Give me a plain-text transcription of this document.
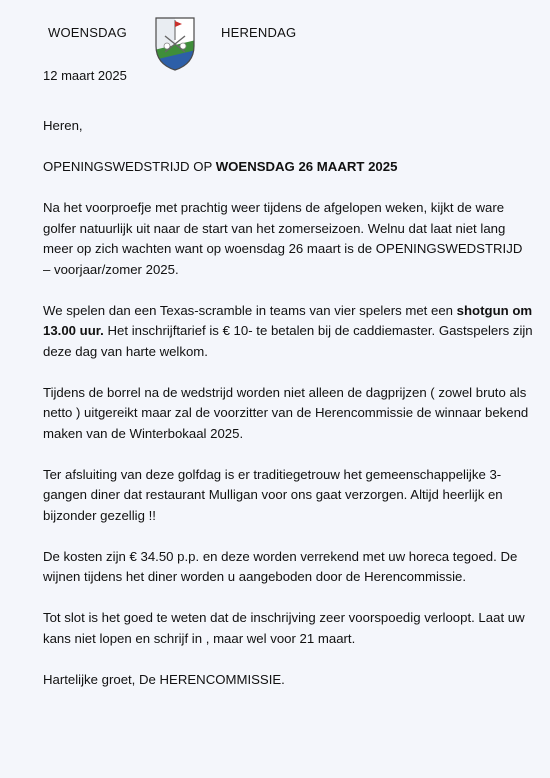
WOENSDAG	HERENDAG
12 maart 2025

Heren,

OPENINGSWEDSTRIJD OP WOENSDAG 26 MAART 2025

Na het voorproefje met prachtig weer tijdens de afgelopen weken, kijkt de ware golfer natuurlijk uit naar de start van het zomerseizoen. Welnu dat laat niet lang meer op zich wachten want op woensdag 26 maart is de OPENINGSWEDSTRIJD – voorjaar/zomer 2025.

We spelen dan een Texas-scramble in teams van vier spelers met een shotgun om 13.00 uur. Het inschrijftarief is € 10- te betalen bij de caddiemaster. Gastspelers zijn deze dag van harte welkom.

Tijdens de borrel na de wedstrijd worden niet alleen de dagprijzen ( zowel bruto als netto ) uitgereikt maar zal de voorzitter van de Herencommissie de winnaar bekend maken van de Winterbokaal 2025.

Ter afsluiting van deze golfdag is er traditiegetrouw het gemeenschappelijke 3-gangen diner dat restaurant Mulligan voor ons gaat verzorgen. Altijd heerlijk en bijzonder gezellig !!

De kosten zijn € 34.50 p.p. en deze worden verrekend met uw horeca tegoed. De wijnen tijdens het diner worden u aangeboden door de Herencommissie.

Tot slot is het goed te weten dat de inschrijving zeer voorspoedig verloopt. Laat uw kans niet lopen en schrijf in , maar wel voor 21 maart.

Hartelijke groet, De HERENCOMMISSIE.
